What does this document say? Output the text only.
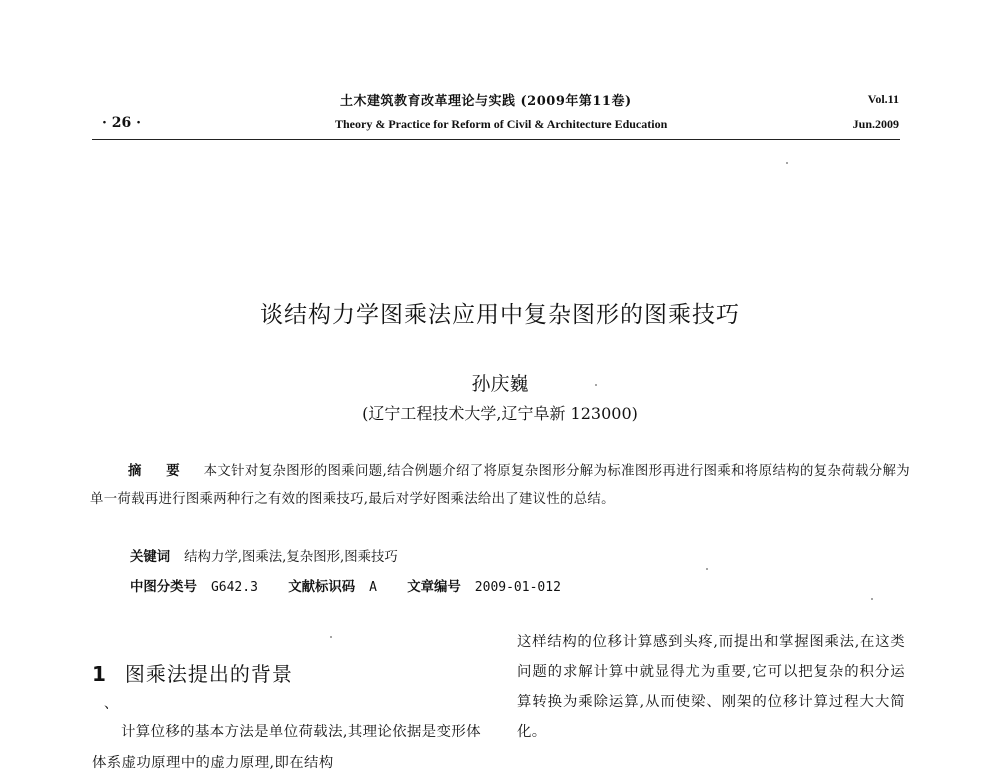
土木建筑教育改革理论与实践 (2009年第11卷)
Theory & Practice for Reform of Civil & Architecture Education
· 26 ·
Vol.11
Jun.2009
谈结构力学图乘法应用中复杂图形的图乘技巧
孙庆巍
(辽宁工程技术大学,辽宁阜新 123000)
摘 要 本文针对复杂图形的图乘问题,结合例题介绍了将原复杂图形分解为标准图形再进行图乘和将原结构的复杂荷载分解为单一荷载再进行图乘两种行之有效的图乘技巧,最后对学好图乘法给出了建议性的总结。
关键词 结构力学,图乘法,复杂图形,图乘技巧
中图分类号 G642.3 文献标识码 A 文章编号 2009-01-012
1 图乘法提出的背景
、
计算位移的基本方法是单位荷载法,其理论依据是变形体体系虚功原理中的虚力原理,即在结构
这样结构的位移计算感到头疼,而提出和掌握图乘法,在这类问题的求解计算中就显得尤为重要,它可以把复杂的积分运算转换为乘除运算,从而使梁、刚架的位移计算过程大大简化。
